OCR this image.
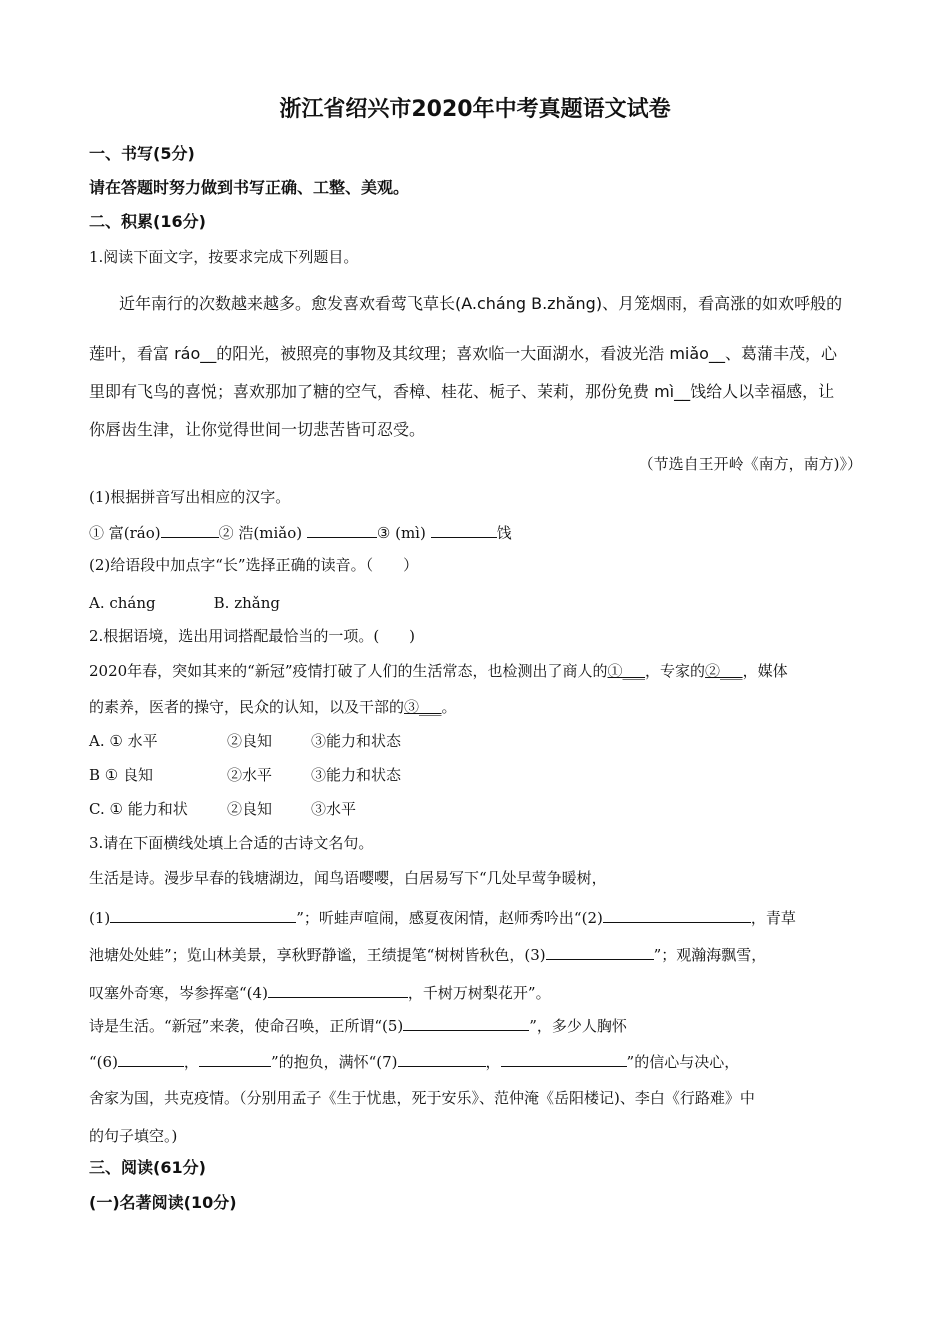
浙江省绍兴市2020年中考真题语文试卷
一、书写(5分)
请在答题时努力做到书写正确、工整、美观。
二、积累(16分)
1.阅读下面文字，按要求完成下列题目。
近年南行的次数越来越多。愈发喜欢看莺飞草长(A.cháng B.zhǎng)、月笼烟雨，看高涨的如欢呼般的
莲叶，看富 ráo__的阳光，被照亮的事物及其纹理；喜欢临一大面湖水，看波光浩 miǎo__、葛蒲丰茂，心
里即有飞鸟的喜悦；喜欢那加了糖的空气，香樟、桂花、栀子、茉莉，那份免费 mì__饯给人以幸福感，让
你唇齿生津，让你觉得世间一切悲苦皆可忍受。
（节选自王开岭《南方，南方)》）
(1)根据拼音写出相应的汉字。
① 富(ráo)	② 浩(miǎo)	③ (mì)	饯
(2)给语段中加点字“长”选择正确的读音。（　　）
A. cháng	B. zhǎng
2.根据语境，选出用词搭配最恰当的一项。(　　)
2020年春，突如其来的“新冠”疫情打破了人们的生活常态，也检测出了商人的①___，专家的②___，媒体
的素养，医者的操守，民众的认知，以及干部的③___。
A. ① 水平	②良知	③能力和状态
B ① 良知	②水平	③能力和状态
C. ① 能力和状	②良知	③水平
3.请在下面横线处填上合适的古诗文名句。
生活是诗。漫步早春的钱塘湖边，闻鸟语嘤嘤，白居易写下“几处早莺争暖树，
(1)	”；听蛙声喧闹，感夏夜闲情，赵师秀吟出“(2)	，青草
池塘处处蛙”；览山林美景，享秋野静谧，王绩提笔“树树皆秋色，(3)	”；观瀚海飘雪，
叹塞外奇寒，岑参挥毫“(4)	，千树万树梨花开”。
诗是生活。“新冠”来袭，使命召唤，正所谓“(5)	”，多少人胸怀
“(6)	，	”的抱负，满怀“(7)	，	”的信心与决心，
舍家为国，共克疫情。（分别用孟子《生于忧患，死于安乐》、范仲淹《岳阳楼记)、李白《行路难》中
的句子填空。)
三、阅读(61分)
(一)名著阅读(10分)
